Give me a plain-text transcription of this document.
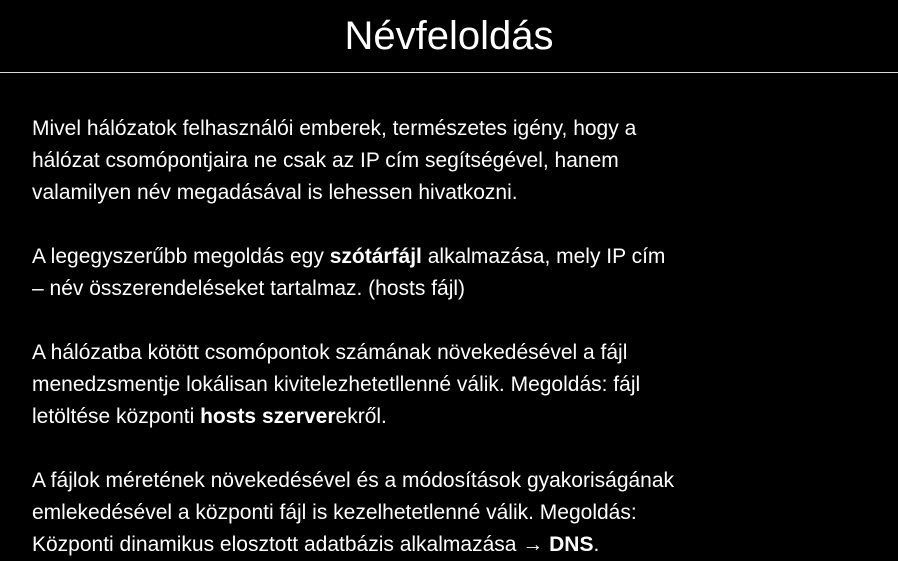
Névfeloldás

Mivel hálózatok felhasználói emberek, természetes igény, hogy a
hálózat csomópontjaira ne csak az IP cím segítségével, hanem
valamilyen név megadásával is lehessen hivatkozni.

A legegyszerűbb megoldás egy szótárfájl alkalmazása, mely IP cím
– név összerendeléseket tartalmaz. (hosts fájl)

A hálózatba kötött csomópontok számának növekedésével a fájl
menedzsmentje lokálisan kivitelezhetetllenné válik. Megoldás: fájl
letöltése központi hosts szerverekről.

A fájlok méretének növekedésével és a módosítások gyakoriságának
emlekedésével a központi fájl is kezelhetetlenné válik. Megoldás:
Központi dinamikus elosztott adatbázis alkalmazása → DNS.
